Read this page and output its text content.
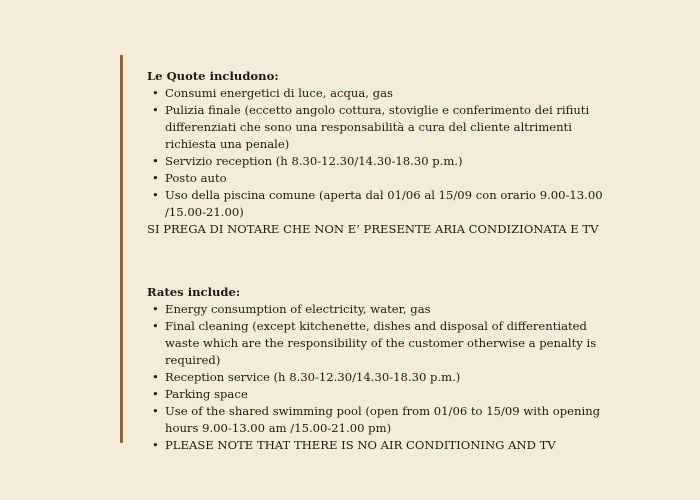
Le Quote includono:

• Consumi energetici di luce, acqua, gas
• Pulizia finale (eccetto angolo cottura, stoviglie e conferimento dei rifiuti differenziati che sono una responsabilità a cura del cliente altrimenti richiesta una penale)
• Servizio reception (h 8.30-12.30/14.30-18.30 p.m.)
• Posto auto
• Uso della piscina comune (aperta dal 01/06 al 15/09 con orario 9.00-13.00 /15.00-21.00)

SI PREGA DI NOTARE CHE NON E’ PRESENTE ARIA CONDIZIONATA E TV

Rates include:

• Energy consumption of electricity, water, gas
• Final cleaning (except kitchenette, dishes and disposal of differentiated waste which are the responsibility of the customer otherwise a penalty is required)
• Reception service (h 8.30-12.30/14.30-18.30 p.m.)
• Parking space
• Use of the shared swimming pool (open from 01/06 to 15/09 with opening hours 9.00-13.00 am /15.00-21.00 pm)
• PLEASE NOTE THAT THERE IS NO AIR CONDITIONING AND TV
